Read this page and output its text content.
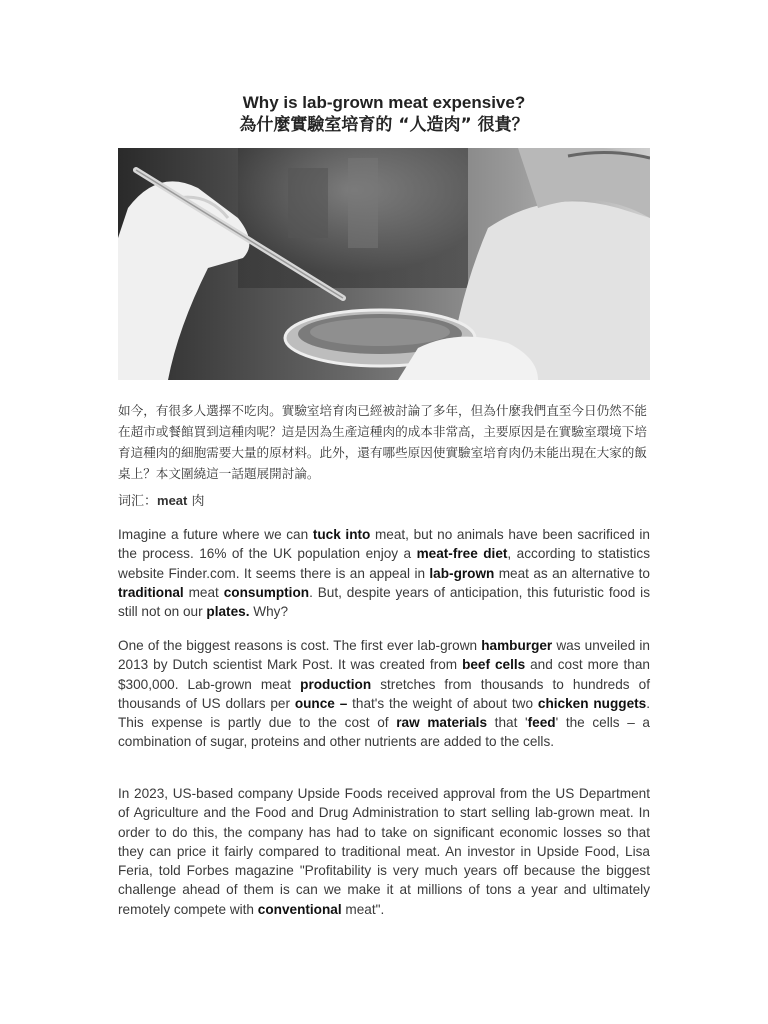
Why is lab-grown meat expensive?
為什麼實驗室培育的 “人造肉” 很貴？
如今，有很多人選擇不吃肉。實驗室培育肉已經被討論了多年，但為什麼我們直至今日仍然不能在超市或餐館買到這種肉呢？這是因為生產這種肉的成本非常高，主要原因是在實驗室環境下培育這種肉的細胞需要大量的原材料。此外，還有哪些原因使實驗室培育肉仍未能出現在大家的飯桌上？本文圍繞這一話題展開討論。
词汇：meat 肉
Imagine a future where we can tuck into meat, but no animals have been sacrificed in the process. 16% of the UK population enjoy a meat-free diet, according to statistics website Finder.com. It seems there is an appeal in lab-grown meat as an alternative to traditional meat consumption. But, despite years of anticipation, this futuristic food is still not on our plates. Why?
One of the biggest reasons is cost. The first ever lab-grown hamburger was unveiled in 2013 by Dutch scientist Mark Post. It was created from beef cells and cost more than $300,000. Lab-grown meat production stretches from thousands to hundreds of thousands of US dollars per ounce – that's the weight of about two chicken nuggets. This expense is partly due to the cost of raw materials that 'feed' the cells – a combination of sugar, proteins and other nutrients are added to the cells.
In 2023, US-based company Upside Foods received approval from the US Department of Agriculture and the Food and Drug Administration to start selling lab-grown meat. In order to do this, the company has had to take on significant economic losses so that they can price it fairly compared to traditional meat. An investor in Upside Food, Lisa Feria, told Forbes magazine "Profitability is very much years off because the biggest challenge ahead of them is can we make it at millions of tons a year and ultimately remotely compete with conventional meat".
